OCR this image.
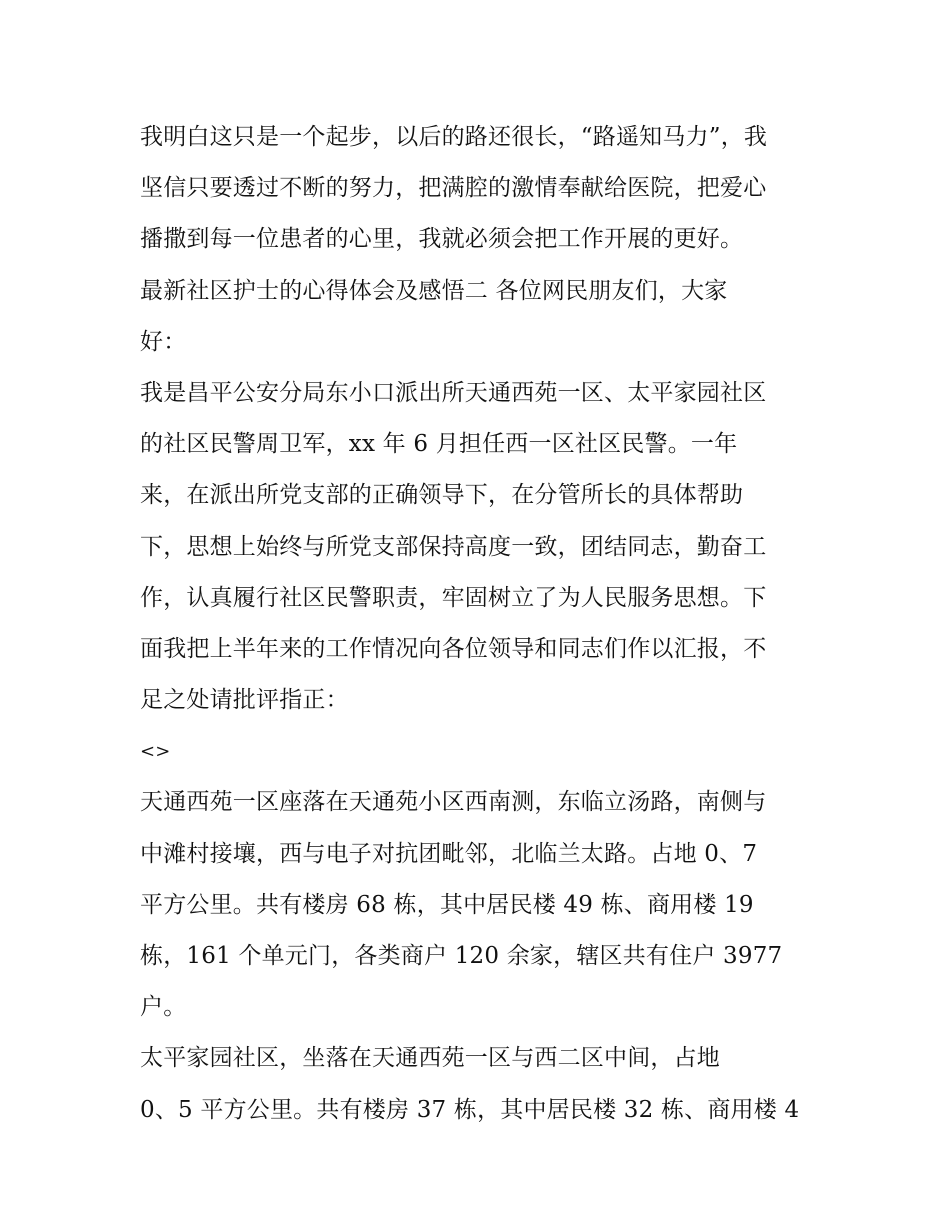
我明白这只是一个起步，以后的路还很长，“路遥知马力”，我
坚信只要透过不断的努力，把满腔的激情奉献给医院，把爱心
播撒到每一位患者的心里，我就必须会把工作开展的更好。
最新社区护士的心得体会及感悟二 各位网民朋友们，大家
好：
我是昌平公安分局东小口派出所天通西苑一区、太平家园社区
的社区民警周卫军，xx 年 6 月担任西一区社区民警。一年
来，在派出所党支部的正确领导下，在分管所长的具体帮助
下，思想上始终与所党支部保持高度一致，团结同志，勤奋工
作，认真履行社区民警职责，牢固树立了为人民服务思想。下
面我把上半年来的工作情况向各位领导和同志们作以汇报，不
足之处请批评指正：
<>
天通西苑一区座落在天通苑小区西南测，东临立汤路，南侧与
中滩村接壤，西与电子对抗团毗邻，北临兰太路。占地 0、7
平方公里。共有楼房 68 栋，其中居民楼 49 栋、商用楼 19
栋，161 个单元门，各类商户 120 余家，辖区共有住户 3977
户。
太平家园社区，坐落在天通西苑一区与西二区中间，占地
0、5 平方公里。共有楼房 37 栋，其中居民楼 32 栋、商用楼 4
